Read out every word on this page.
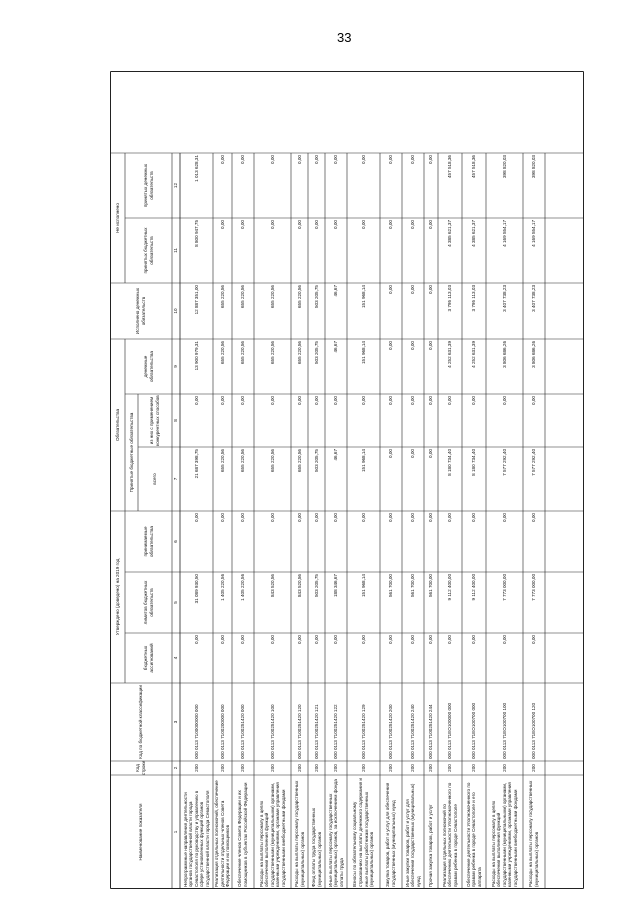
33
Наименование показателя
Код строки
Код по бюджетной классификации
Утверждено (доведено) на 2019 год
бюджетных ассигнований
лимитов бюджетных обязательств
принимаемые обязательства
Обязательства	Принятые бюджетные обязательства	всего
из них с применением конкурентных способов
денежные обязательства
Исполнено денежных обязательств
Не исполнено
принятых бюджетных обязательств
принятых денежных обязательств
1
2
3
4
5
6
7
8
9
10
11
12
Непрограммные направления деятельности органов государственной власти города Севастополя по руководству и управлению в сфере установленных функций органов государственной власти города Севастополя
200
000 0113 7100000000 000
0,00
31 089 930,50
0,00
21 687 398,75
0,00
13 900 979,31
12 887 351,00
8 800 947,75
1 013 628,31
Реализация отдельных полномочий, обеспечение деятельности отдельных членов Совета Федерации и их помощников
200
000 0113 7100200000 000
0,00
1 405 220,56
0,00
655 220,56
0,00
655 220,56
655 220,56
0,00
0,00
Обеспечение членов Совета Федерации и их помощников в субъектах Российской Федерации
200
000 0113 7100251420 000
0,00
1 405 220,56
0,00
655 220,56
0,00
655 220,56
655 220,56
0,00
0,00
Расходы на выплаты персоналу в целях обеспечения выполнения функций государственными (муниципальными) органами, казенными учреждениями, органами управления государственными внебюджетными фондами
200
000 0113 7100251420 100
0,00
843 520,56
0,00
655 220,56
0,00
655 220,56
655 220,56
0,00
0,00
Расходы на выплаты персоналу государственных (муниципальных) органов
200
000 0113 7100251420 120
0,00
843 520,56
0,00
655 220,56
0,00
655 220,56
655 220,56
0,00
0,00
Фонд оплаты труда государственных (муниципальных) органов
200
000 0113 7100251420 121
0,00
503 205,75
0,00
503 205,75
0,00
503 205,75
503 205,75
0,00
0,00
Иные выплаты персоналу государственных (муниципальных) органов, за исключением фонда оплаты труда
200
000 0113 7100251420 122
0,00
188 346,67
0,00
46,67
0,00
46,67
46,67
0,00
0,00
Взносы по обязательному социальному страхованию на выплаты денежного содержания и иные выплаты работникам государственных (муниципальных) органов
200
000 0113 7100251420 129
0,00
151 968,14
0,00
151 968,14
0,00
151 968,14
151 968,14
0,00
0,00
Закупка товаров, работ и услуг для обеспечения государственных (муниципальных) нужд
200
000 0113 7100251420 200
0,00
561 700,00
0,00
0,00
0,00
0,00
0,00
0,00
0,00
Иные закупки товаров, работ и услуг для обеспечения государственных (муниципальных) нужд
200
000 0113 7100251420 240
0,00
561 700,00
0,00
0,00
0,00
0,00
0,00
0,00
0,00
Прочая закупка товаров, работ и услуг
200
000 0113 7100251420 244
0,00
561 700,00
0,00
0,00
0,00
0,00
0,00
0,00
0,00
Реализация отдельных полномочий по обеспечению деятельности Уполномоченного по правам ребенка в городе Севастополе
200
000 0113 71ЕО100000 000
0,00
9 112 400,00
0,00
8 180 734,40
0,00
4 252 631,39
3 795 113,03
4 385 621,37
457 518,36
Обеспечение деятельности Уполномоченного по правам ребенка в городе Севастополе и его аппарата
200
000 0113 71ЕО100700 000
0,00
9 112 400,00
0,00
8 180 734,40
0,00
4 252 631,39
3 795 113,03
4 385 621,37
457 518,36
Расходы на выплаты персоналу в целях обеспечения выполнения функций государственными (муниципальными) органами, казенными учреждениями, органами управления государственными внебюджетными фондами
200
000 0113 71ЕО100700 100
0,00
7 773 000,00
0,00
7 577 292,40
0,00
3 806 686,26
3 407 738,23
4 169 554,17
398 820,03
Расходы на выплаты персоналу государственных (муниципальных) органов
200
000 0113 71ЕО100700 120
0,00
7 773 000,00
0,00
7 577 292,40
0,00
3 806 686,26
3 407 738,23
4 169 554,17
398 820,03
